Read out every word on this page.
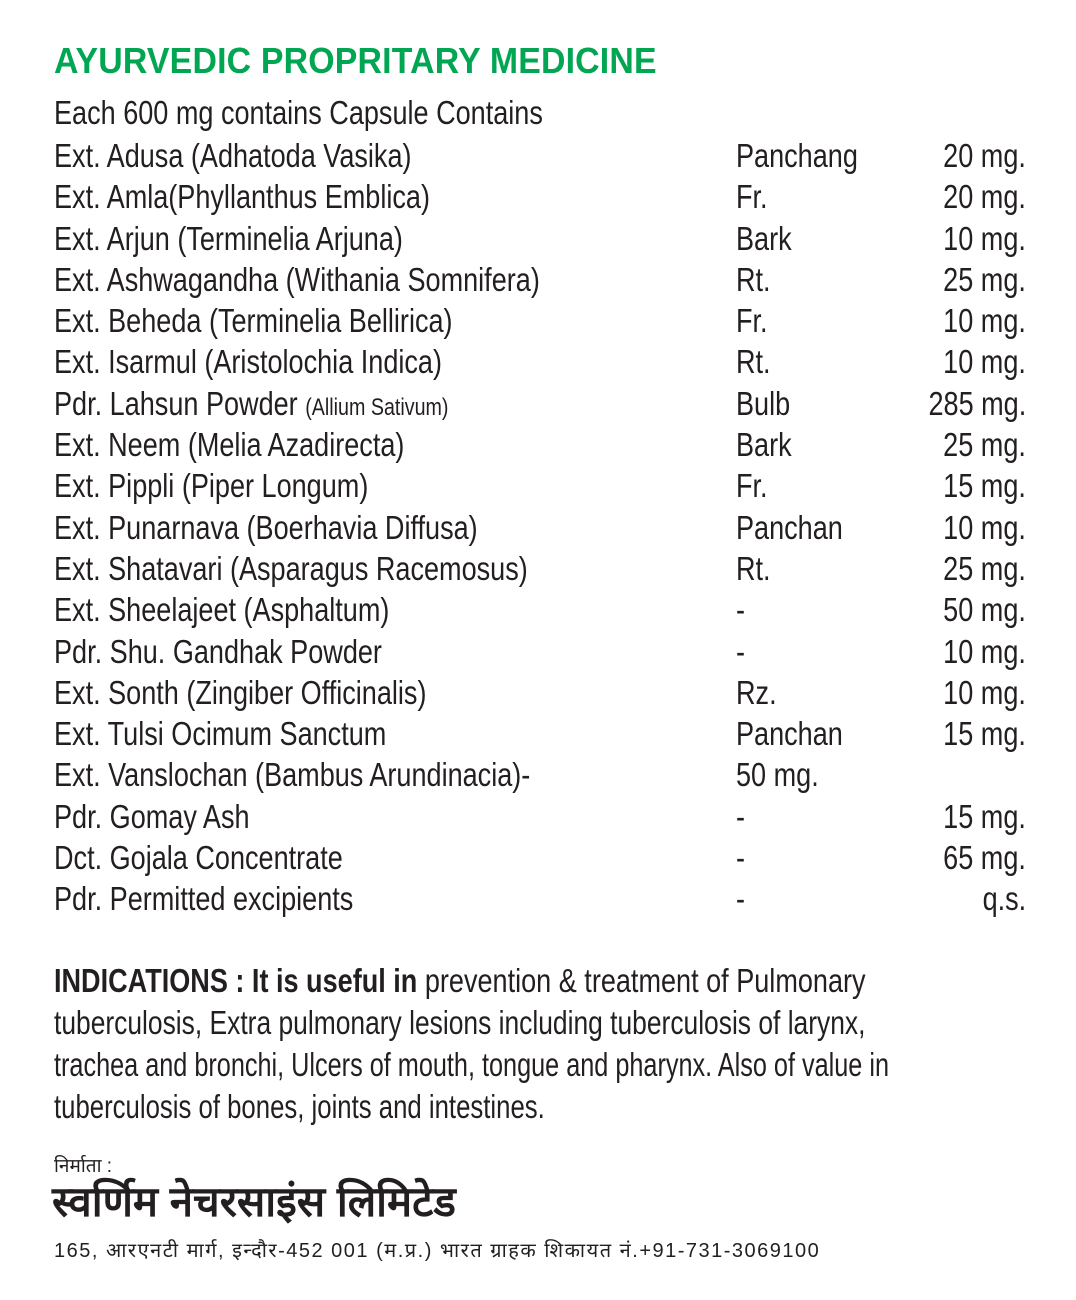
AYURVEDIC PROPRITARY MEDICINE
Each 600 mg contains Capsule Contains
Ext. Adusa (Adhatoda Vasika)	Panchang	20 mg.
Ext. Amla(Phyllanthus Emblica)	Fr.	20 mg.
Ext. Arjun (Terminelia Arjuna)	Bark	10 mg.
Ext. Ashwagandha (Withania Somnifera)	Rt.	25 mg.
Ext. Beheda (Terminelia Bellirica)	Fr.	10 mg.
Ext. Isarmul (Aristolochia Indica)	Rt.	10 mg.
Pdr. Lahsun Powder (Allium Sativum)	Bulb	285 mg.
Ext. Neem (Melia Azadirecta)	Bark	25 mg.
Ext. Pippli (Piper Longum)	Fr.	15 mg.
Ext. Punarnava (Boerhavia Diffusa)	Panchan	10 mg.
Ext. Shatavari (Asparagus Racemosus)	Rt.	25 mg.
Ext. Sheelajeet (Asphaltum)	-	50 mg.
Pdr. Shu. Gandhak Powder	-	10 mg.
Ext. Sonth (Zingiber Officinalis)	Rz.	10 mg.
Ext. Tulsi Ocimum Sanctum	Panchan	15 mg.
Ext. Vanslochan (Bambus Arundinacia)-	50 mg.
Pdr. Gomay Ash	-	15 mg.
Dct. Gojala Concentrate	-	65 mg.
Pdr. Permitted excipients	-	q.s.
INDICATIONS : It is useful in prevention & treatment of Pulmonary
tuberculosis, Extra pulmonary lesions including tuberculosis of larynx,
trachea and bronchi, Ulcers of mouth, tongue and pharynx. Also of value in
tuberculosis of bones, joints and intestines.
निर्माता :
स्वर्णिम नेचरसाइंस लिमिटेड
165, आरएनटी मार्ग, इन्दौर-452 001 (म.प्र.) भारत ग्राहक शिकायत नं.+91-731-3069100
